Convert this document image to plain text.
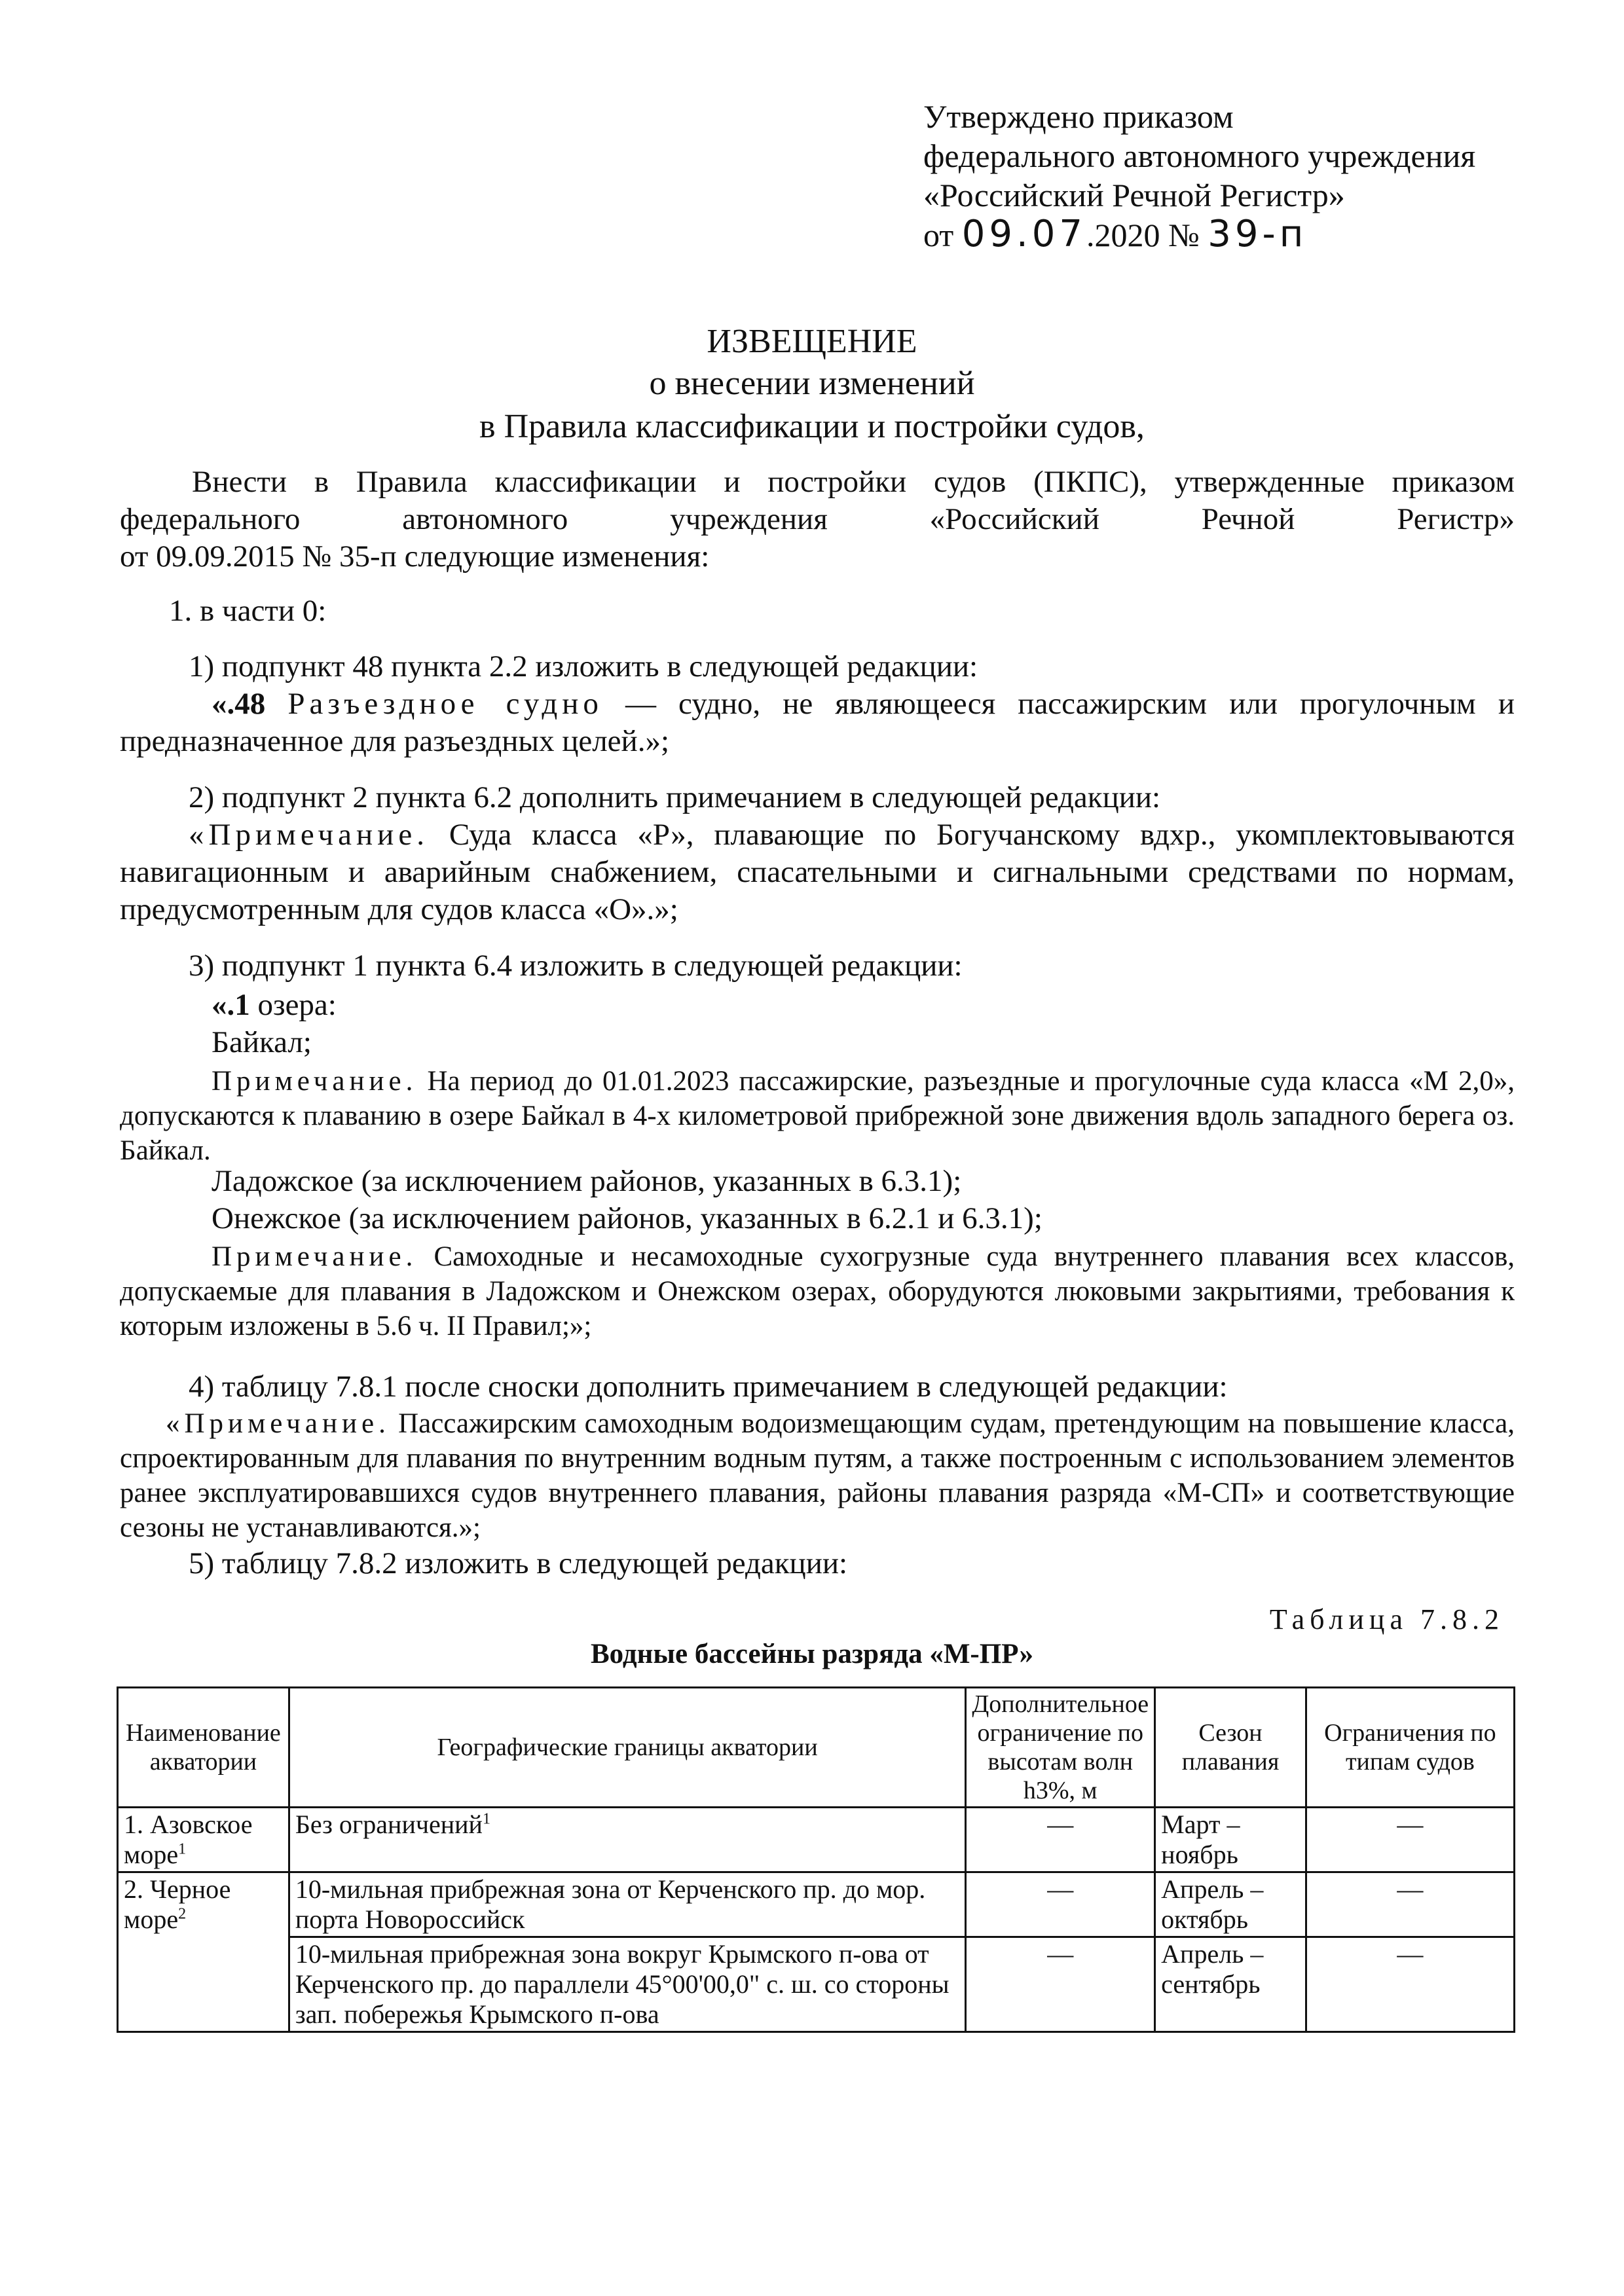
Утверждено приказом
федерального автономного учреждения
«Российский Речной Регистр»
от 09.07.2020 № 39-п
ИЗВЕЩЕНИЕ
о внесении изменений
в Правила классификации и постройки судов,
Внести в Правила классификации и постройки судов (ПКПС), утвержденные приказом
федерального автономного учреждения «Российский Речной Регистр»
от 09.09.2015 № 35-п следующие изменения:
1. в части 0:
1) подпункт 48 пункта 2.2 изложить в следующей редакции:
«.48 Разъездное судно — судно, не являющееся пассажирским или прогулочным и предназначенное для разъездных целей.»;
2) подпункт 2 пункта 6.2 дополнить примечанием в следующей редакции:
«Примечание. Суда класса «Р», плавающие по Богучанскому вдхр., укомплектовываются навигационным и аварийным снабжением, спасательными и сигнальными средствами по нормам, предусмотренным для судов класса «О».»;
3) подпункт 1 пункта 6.4 изложить в следующей редакции:
«.1 озера:
Байкал;
Примечание. На период до 01.01.2023 пассажирские, разъездные и прогулочные суда класса «М 2,0», допускаются к плаванию в озере Байкал в 4-х километровой прибрежной зоне движения вдоль западного берега оз. Байкал.
Ладожское (за исключением районов, указанных в 6.3.1);
Онежское (за исключением районов, указанных в 6.2.1 и 6.3.1);
Примечание. Самоходные и несамоходные сухогрузные суда внутреннего плавания всех классов, допускаемые для плавания в Ладожском и Онежском озерах, оборудуются люковыми закрытиями, требования к которым изложены в 5.6 ч. II Правил;»;
4) таблицу 7.8.1 после сноски дополнить примечанием в следующей редакции:
«Примечание. Пассажирским самоходным водоизмещающим судам, претендующим на повышение класса, спроектированным для плавания по внутренним водным путям, а также построенным с использованием элементов ранее эксплуатировавшихся судов внутреннего плавания, районы плавания разряда «М-СП» и соответствующие сезоны не устанавливаются.»;
5) таблицу 7.8.2 изложить в следующей редакции:
Таблица 7.8.2
Водные бассейны разряда «М-ПР»
Наименование акватории	Географические границы акватории	Дополнительное ограничение по высотам волн h3%, м	Сезон плавания	Ограничения по типам судов
1. Азовское море$^1$	Без ограничений$^1$	—	Март – ноябрь	—
2. Черное море$^2$	10-мильная прибрежная зона от Керченского пр. до мор. порта Новороссийск	—	Апрель – октябрь	—
	10-мильная прибрежная зона вокруг Крымского п-ова от Керченского пр. до параллели 45°00'00,0" с. ш. со стороны зап. побережья Крымского п-ова	—	Апрель – сентябрь	—
